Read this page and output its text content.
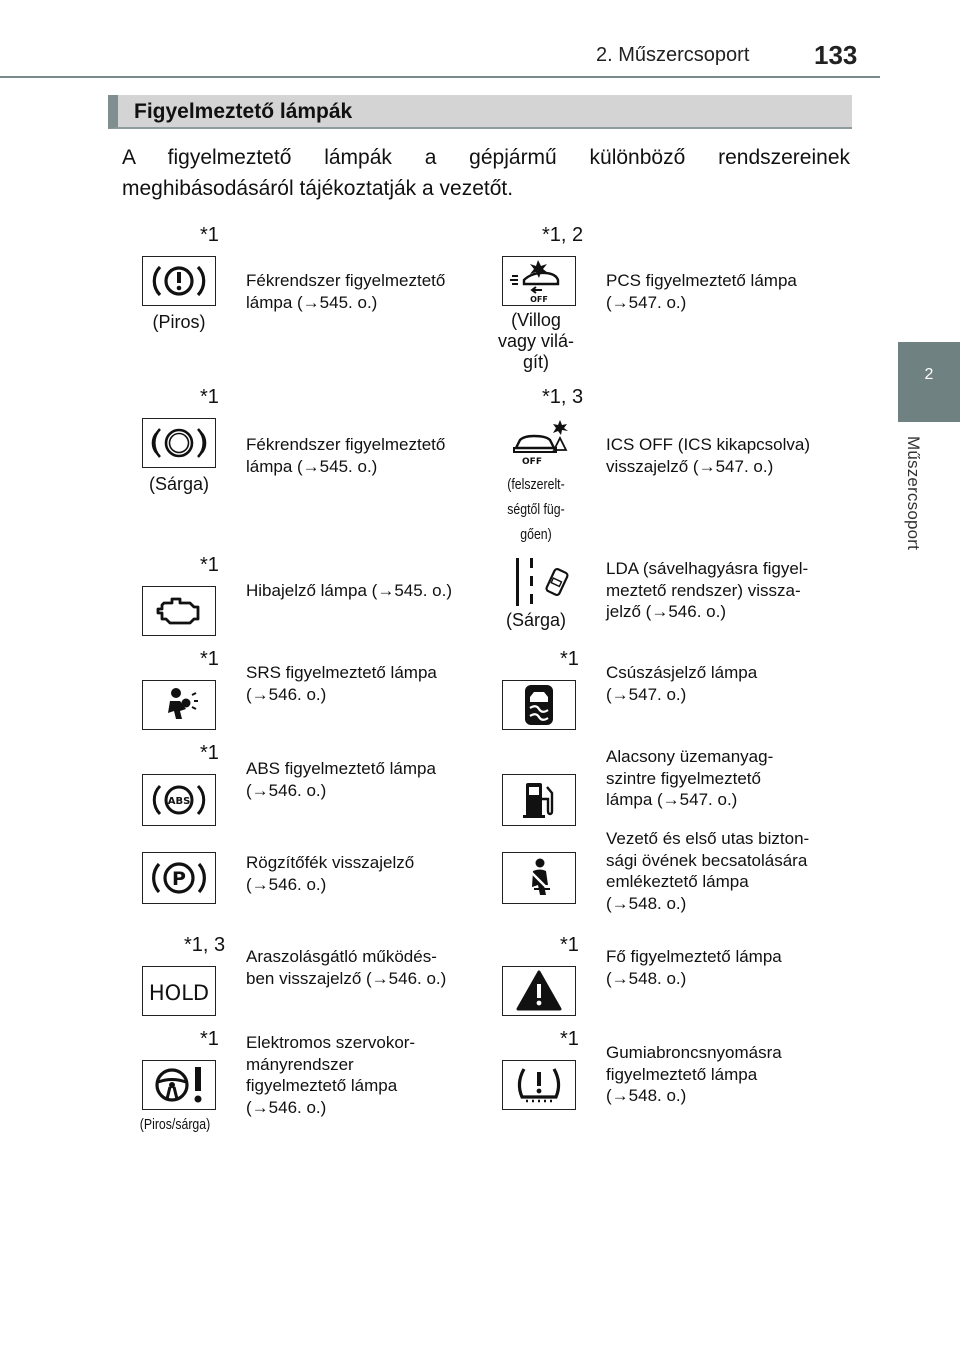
2. Műszercsoport 133
2
Műszercsoport
Figyelmeztető lámpák
A figyelmeztető lámpák a gépjármű különböző rendszereinek meghibásodásáról tájékoztatják a vezetőt.
*1
(Piros)
Fékrendszer figyelmeztető
lámpa (→545. o.)
*1, 2
OFF
(Villog
vagy vilá-
gít)
PCS figyelmeztető lámpa
(→547. o.)
*1
(Sárga)
Fékrendszer figyelmeztető
lámpa (→545. o.)
*1, 3
OFF
(felszerelt-
ségtől füg-
gően)
ICS OFF (ICS kikapcsolva)
visszajelző (→547. o.)
*1
Hibajelző lámpa (→545. o.)
(Sárga)
LDA (sávelhagyásra figyel-
meztető rendszer) vissza-
jelző (→546. o.)
*1
SRS figyelmeztető lámpa
(→546. o.)
*1
Csúszásjelző lámpa
(→547. o.)
*1
ABS
ABS figyelmeztető lámpa
(→546. o.)
Alacsony üzemanyag-
szintre figyelmeztető
lámpa (→547. o.)
P
Rögzítőfék visszajelző
(→546. o.)
Vezető és első utas bizton-
sági övének becsatolására
emlékeztető lámpa
(→548. o.)
*1, 3
HOLD
Araszolásgátló működés-
ben visszajelző (→546. o.)
*1
Fő figyelmeztető lámpa
(→548. o.)
*1
(Piros/sárga)
Elektromos szervokor-
mányrendszer
figyelmeztető lámpa
(→546. o.)
*1
Gumiabroncsnyomásra
figyelmeztető lámpa
(→548. o.)
